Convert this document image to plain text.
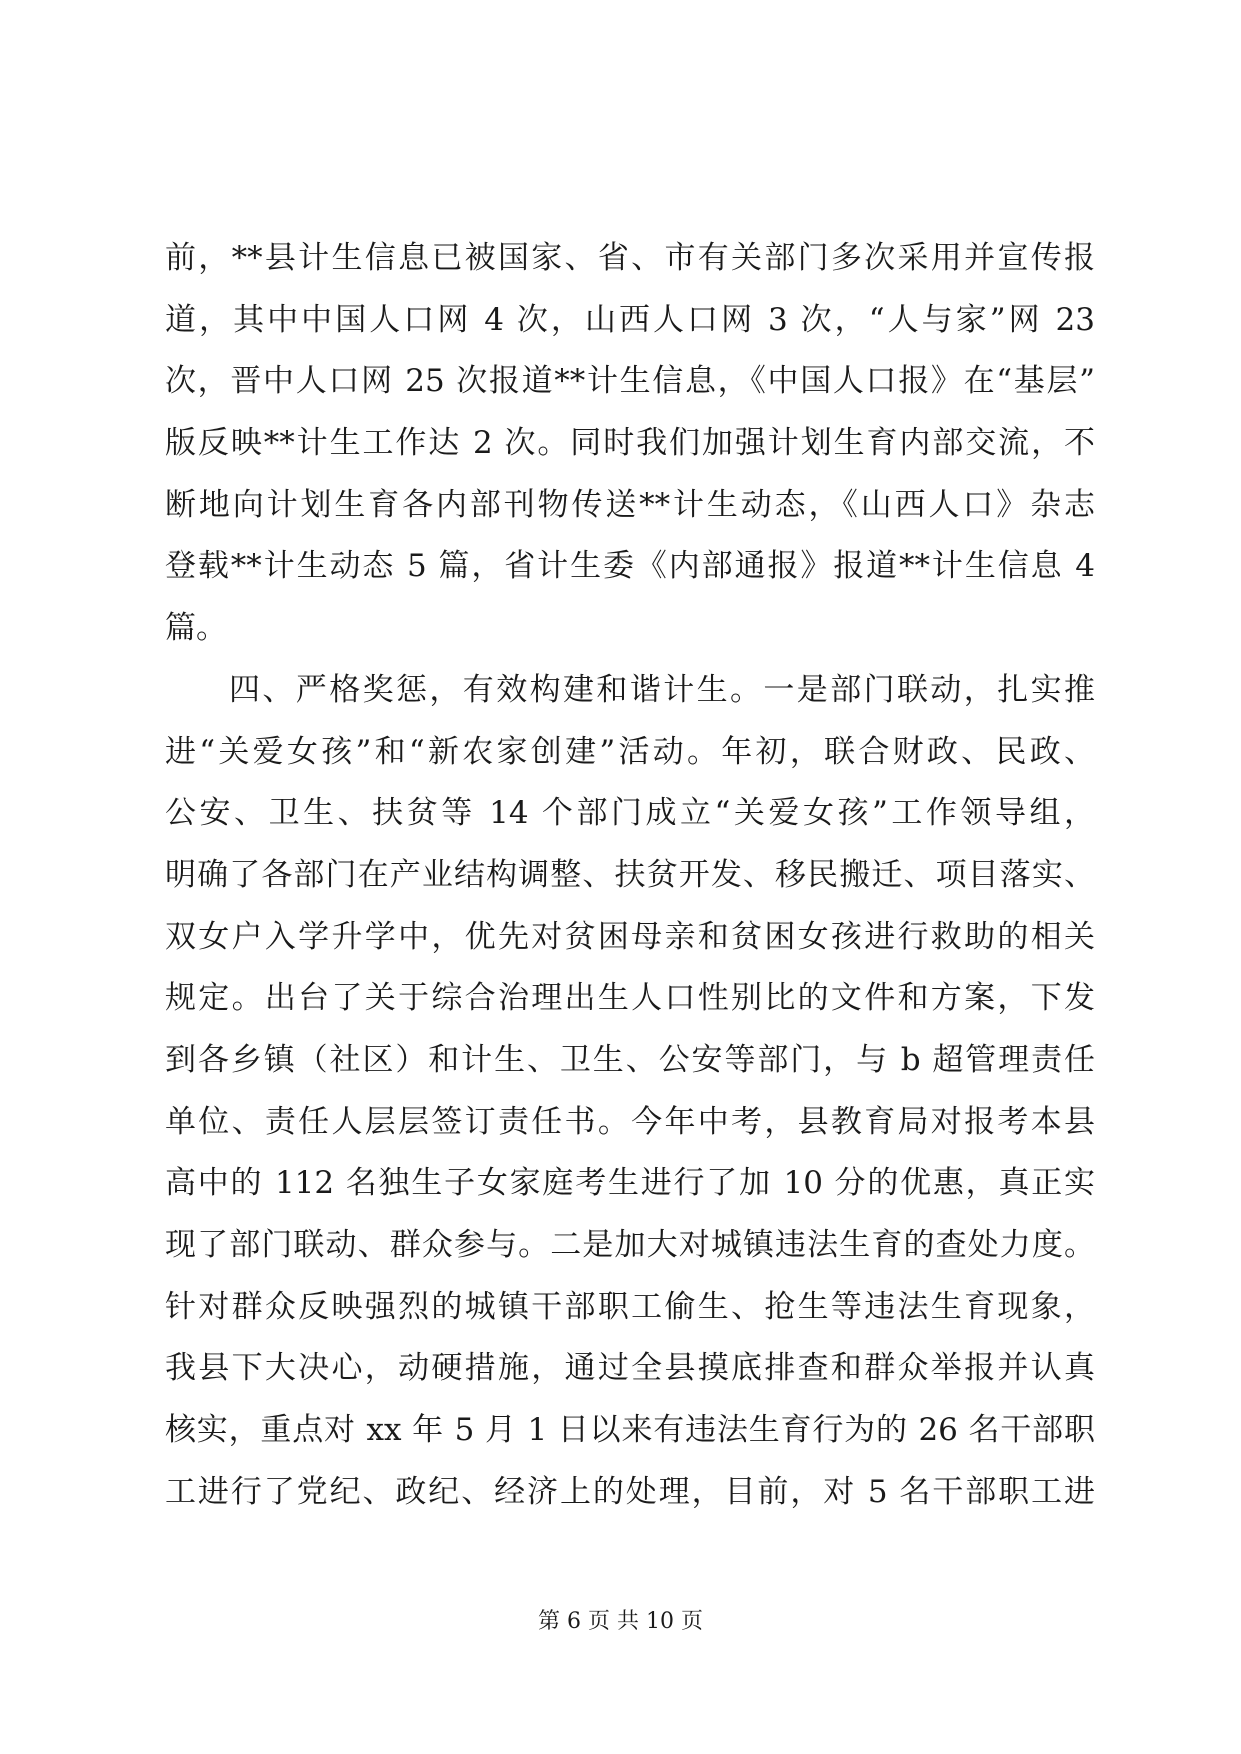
前，**县计生信息已被国家、省、市有关部门多次采用并宣传报
道，其中中国人口网 4 次，山西人口网 3 次，“人与家”网 23
次，晋中人口网 25 次报道**计生信息，《中国人口报》在“基层”
版反映**计生工作达 2 次。同时我们加强计划生育内部交流，不
断地向计划生育各内部刊物传送**计生动态，《山西人口》杂志
登载**计生动态 5 篇，省计生委《内部通报》报道**计生信息 4
篇。
四、严格奖惩，有效构建和谐计生。一是部门联动，扎实推
进“关爱女孩”和“新农家创建”活动。年初，联合财政、民政、
公安、卫生、扶贫等 14 个部门成立“关爱女孩”工作领导组，
明确了各部门在产业结构调整、扶贫开发、移民搬迁、项目落实、
双女户入学升学中，优先对贫困母亲和贫困女孩进行救助的相关
规定。出台了关于综合治理出生人口性别比的文件和方案，下发
到各乡镇（社区）和计生、卫生、公安等部门，与 b 超管理责任
单位、责任人层层签订责任书。今年中考，县教育局对报考本县
高中的 112 名独生子女家庭考生进行了加 10 分的优惠，真正实
现了部门联动、群众参与。二是加大对城镇违法生育的查处力度。
针对群众反映强烈的城镇干部职工偷生、抢生等违法生育现象，
我县下大决心，动硬措施，通过全县摸底排查和群众举报并认真
核实，重点对 xx 年 5 月 1 日以来有违法生育行为的 26 名干部职
工进行了党纪、政纪、经济上的处理，目前，对 5 名干部职工进
第 6 页 共 10 页
